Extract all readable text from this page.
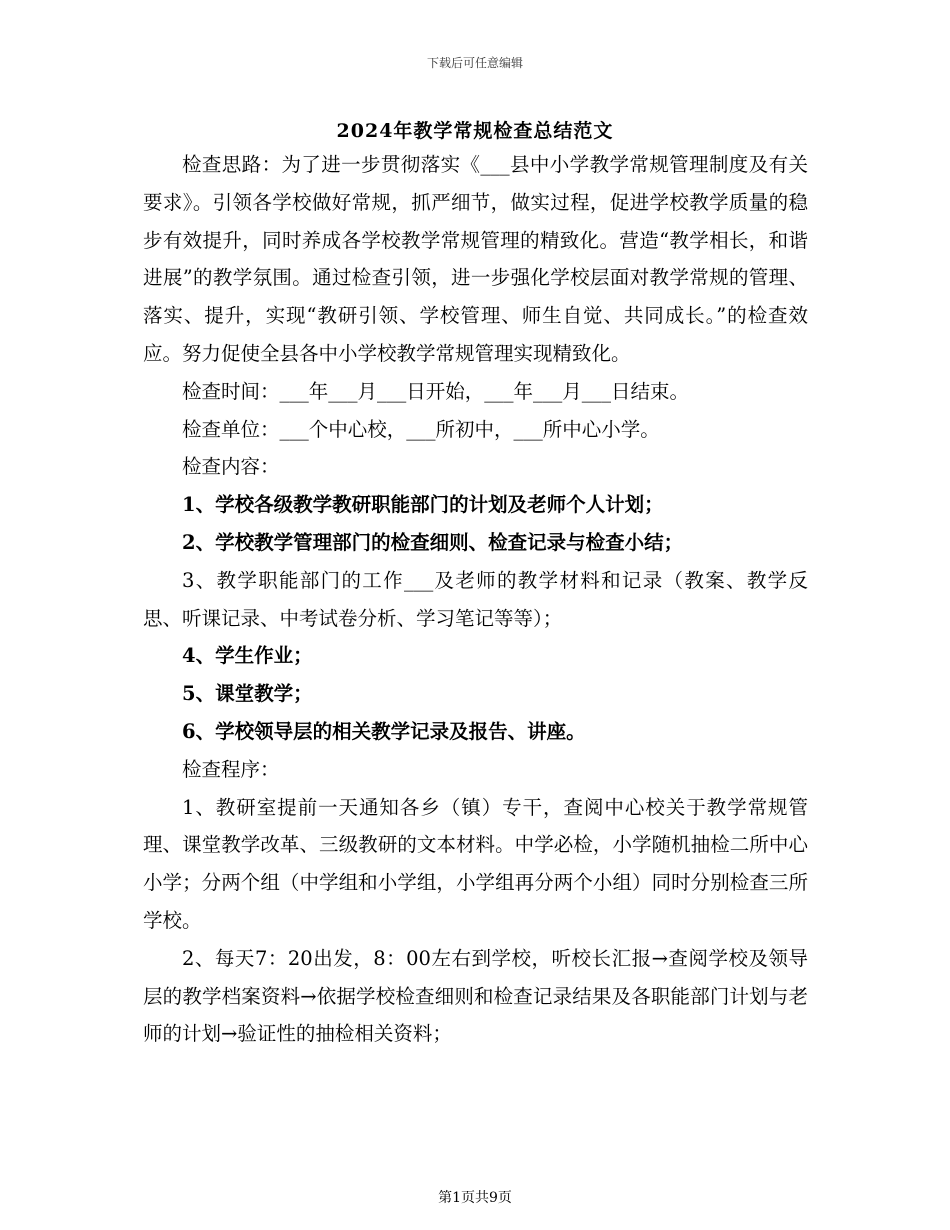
下载后可任意编辑
2024年教学常规检查总结范文

检查思路：为了进一步贯彻落实《___县中小学教学常规管理制度及有关要求》。引领各学校做好常规，抓严细节，做实过程，促进学校教学质量的稳步有效提升，同时养成各学校教学常规管理的精致化。营造“教学相长，和谐进展”的教学氛围。通过检查引领，进一步强化学校层面对教学常规的管理、落实、提升，实现“教研引领、学校管理、师生自觉、共同成长。”的检查效应。努力促使全县各中小学校教学常规管理实现精致化。

检查时间：___年___月___日开始，___年___月___日结束。

检查单位：___个中心校，___所初中，___所中心小学。

检查内容：

1、学校各级教学教研职能部门的计划及老师个人计划；

2、学校教学管理部门的检查细则、检查记录与检查小结；

3、教学职能部门的工作___及老师的教学材料和记录（教案、教学反思、听课记录、中考试卷分析、学习笔记等等）；

4、学生作业；

5、课堂教学；

6、学校领导层的相关教学记录及报告、讲座。

检查程序：

1、教研室提前一天通知各乡（镇）专干，查阅中心校关于教学常规管理、课堂教学改革、三级教研的文本材料。中学必检，小学随机抽检二所中心小学；分两个组（中学组和小学组，小学组再分两个小组）同时分别检查三所学校。

2、每天7：20出发，8：00左右到学校，听校长汇报→查阅学校及领导层的教学档案资料→依据学校检查细则和检查记录结果及各职能部门计划与老师的计划→验证性的抽检相关资料；

第1页共9页
